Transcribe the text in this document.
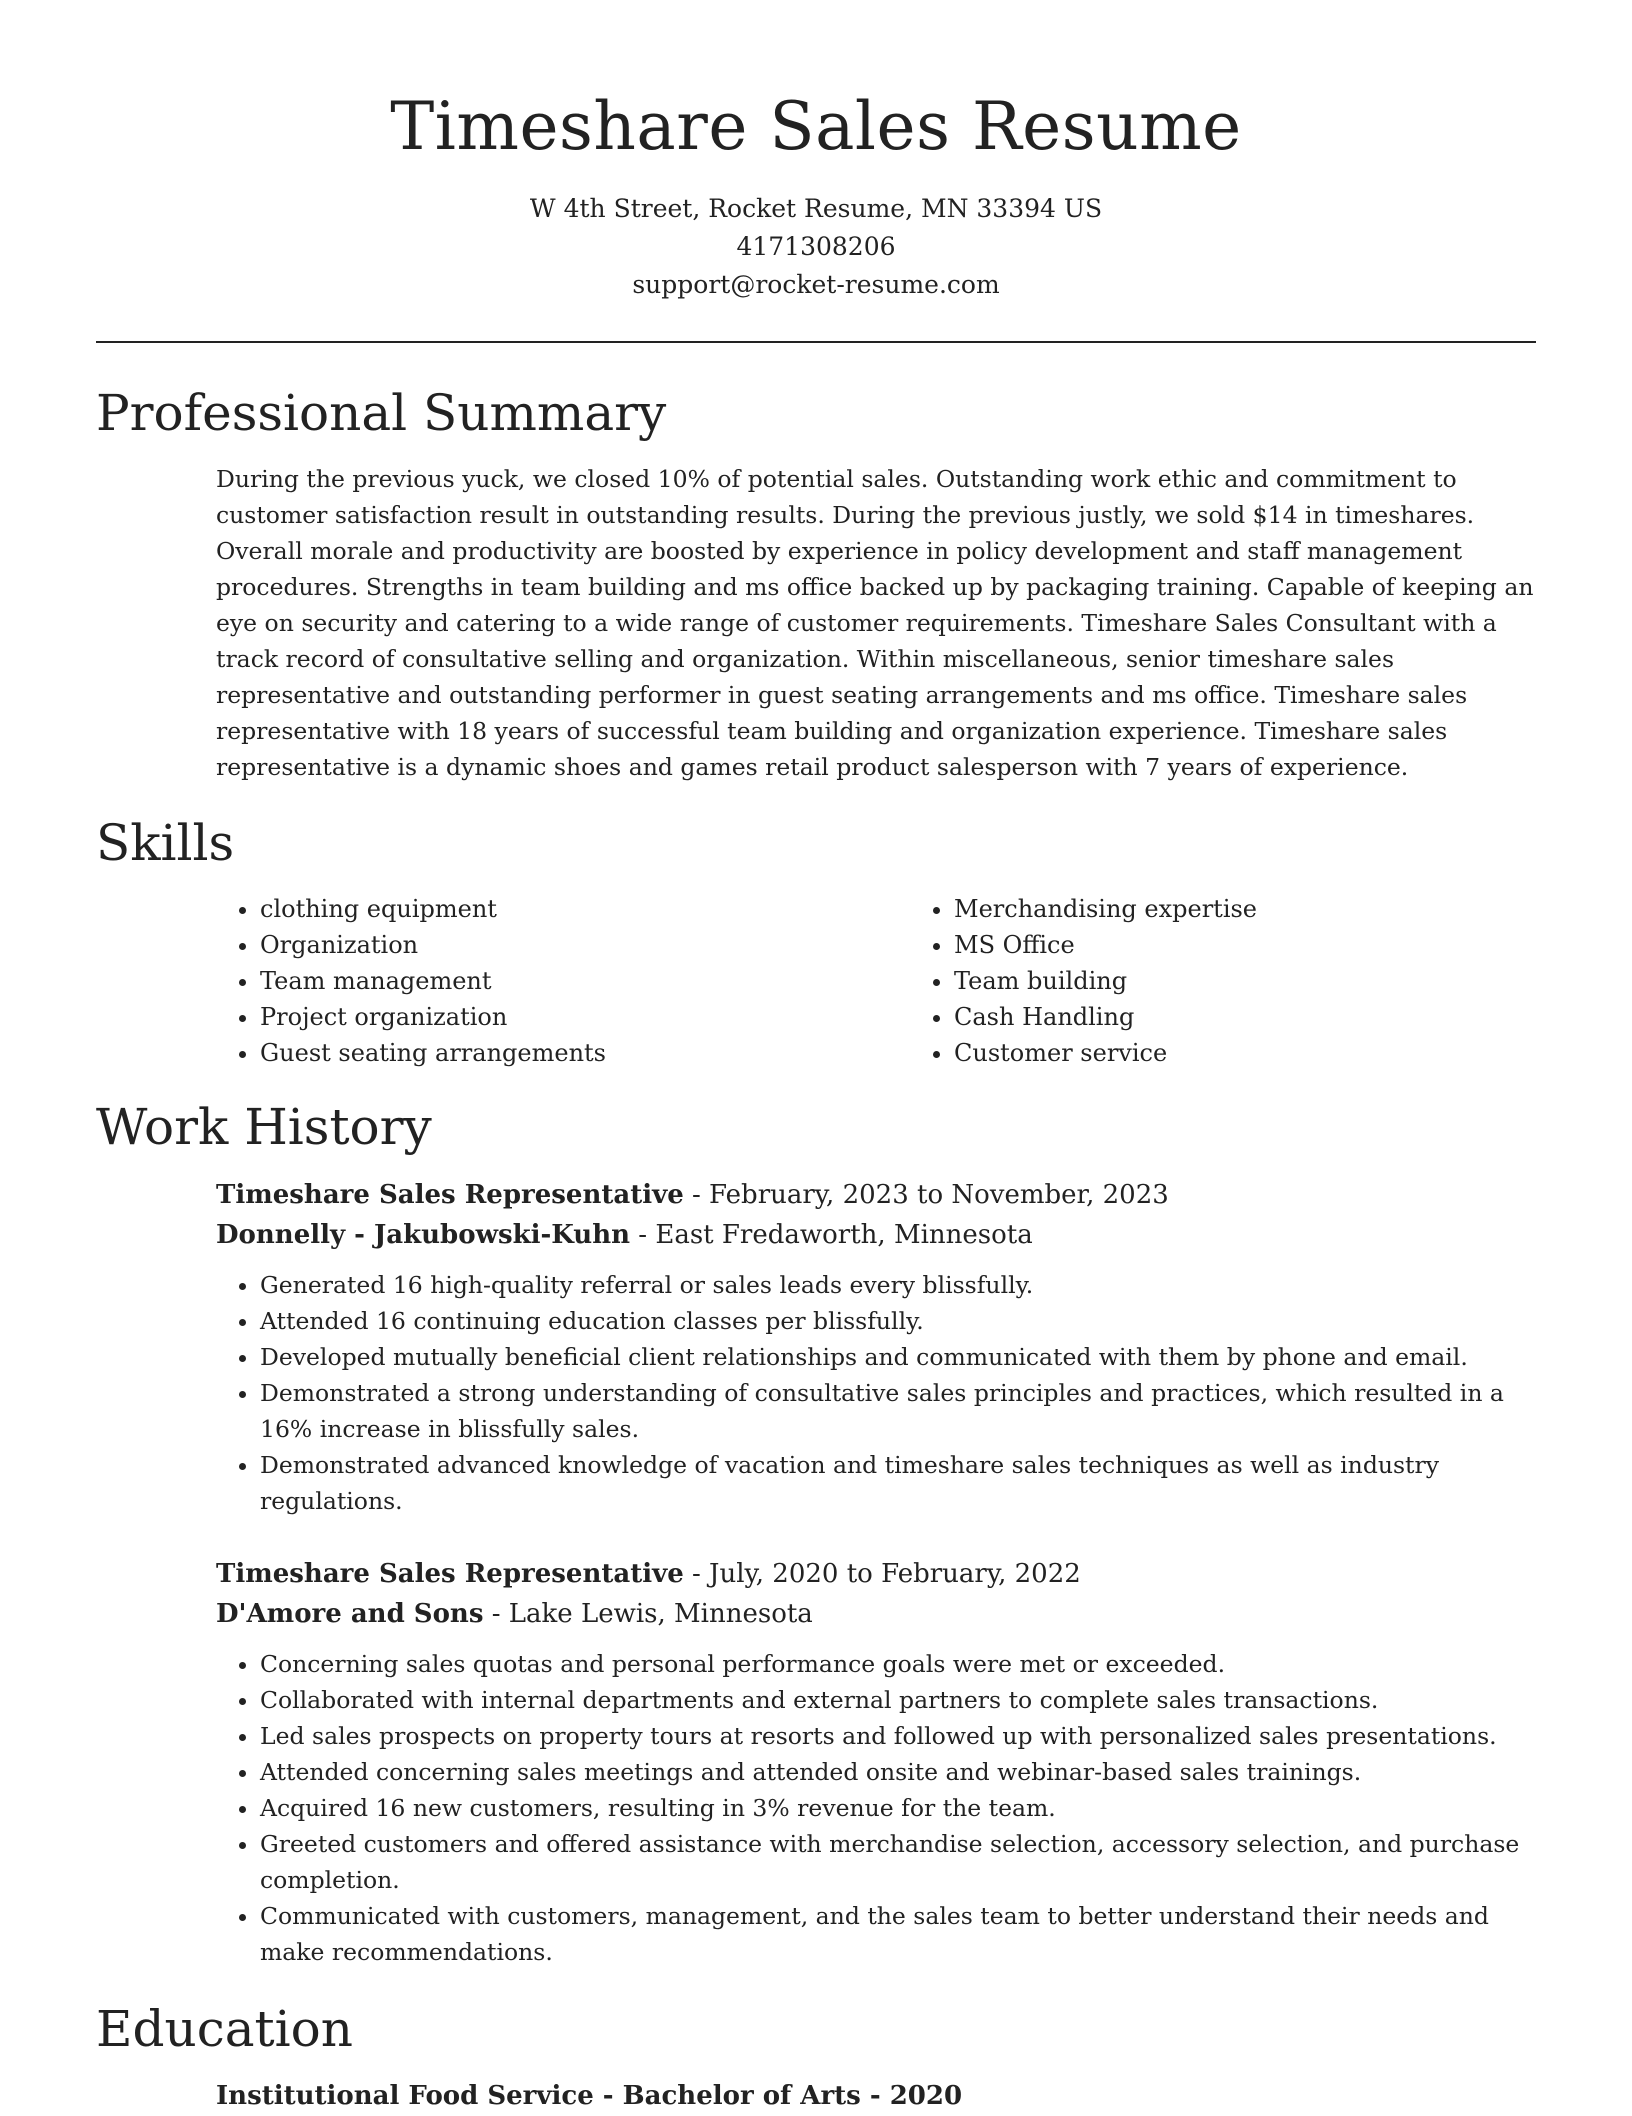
Timeshare Sales Resume
W 4th Street, Rocket Resume, MN 33394 US
4171308206
support@rocket-resume.com
Professional Summary

During the previous yuck, we closed 10% of potential sales. Outstanding work ethic and commitment to customer satisfaction result in outstanding results. During the previous justly, we sold $14 in timeshares. Overall morale and productivity are boosted by experience in policy development and staff management procedures. Strengths in team building and ms office backed up by packaging training. Capable of keeping an eye on security and catering to a wide range of customer requirements. Timeshare Sales Consultant with a track record of consultative selling and organization. Within miscellaneous, senior timeshare sales representative and outstanding performer in guest seating arrangements and ms office. Timeshare sales representative with 18 years of successful team building and organization experience. Timeshare sales representative is a dynamic shoes and games retail product salesperson with 7 years of experience.

Skills
• clothing equipment
• Organization
• Team management
• Project organization
• Guest seating arrangements
• Merchandising expertise
• MS Office
• Team building
• Cash Handling
• Customer service
Work History

Timeshare Sales Representative - February, 2023 to November, 2023

Donnelly - Jakubowski-Kuhn - East Fredaworth, Minnesota

• Generated 16 high-quality referral or sales leads every blissfully.
• Attended 16 continuing education classes per blissfully.
• Developed mutually beneficial client relationships and communicated with them by phone and email.
• Demonstrated a strong understanding of consultative sales principles and practices, which resulted in a 16% increase in blissfully sales.
• Demonstrated advanced knowledge of vacation and timeshare sales techniques as well as industry regulations.

Timeshare Sales Representative - July, 2020 to February, 2022

D'Amore and Sons - Lake Lewis, Minnesota

• Concerning sales quotas and personal performance goals were met or exceeded.
• Collaborated with internal departments and external partners to complete sales transactions.
• Led sales prospects on property tours at resorts and followed up with personalized sales presentations.
• Attended concerning sales meetings and attended onsite and webinar-based sales trainings.
• Acquired 16 new customers, resulting in 3% revenue for the team.
• Greeted customers and offered assistance with merchandise selection, accessory selection, and purchase completion.
• Communicated with customers, management, and the sales team to better understand their needs and make recommendations.
Education

Institutional Food Service - Bachelor of Arts - 2020
